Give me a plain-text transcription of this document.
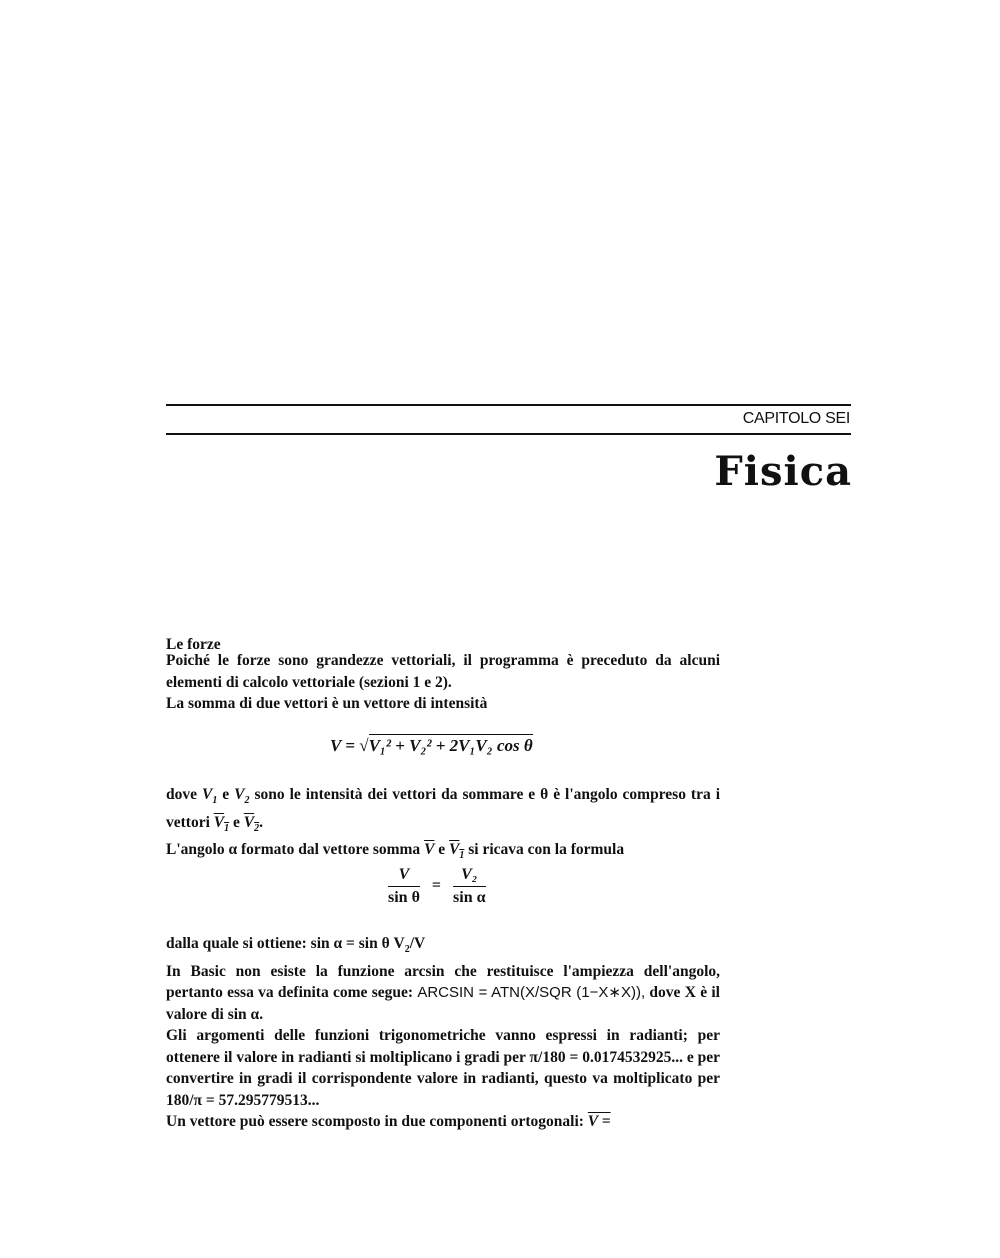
CAPITOLO SEI
Fisica
Le forze

Poiché le forze sono grandezze vettoriali, il programma è preceduto da alcuni elementi di calcolo vettoriale (sezioni 1 e 2).

La somma di due vettori è un vettore di intensità

V = √V₁² + V₂² + 2V₁V₂ cos θ

dove $V_1$ e $V_2$ sono le intensità dei vettori da sommare e θ è l'angolo compreso tra i vettori $V_1$ e $V_2$.

L'angolo α formato dal vettore somma $\overline{V}$ e $V_1$ si ricava con la formula

$\frac{V}{\text{sin θ}} = \frac{\text{V₂}}{\text{sin α}}$

dalla quale si ottiene: sin α = sin θ $V_2/V$

In Basic non esiste la funzione arcsin che restituisce l'ampiezza dell'angolo, pertanto essa va definita come segue: ARCSIN = ATN(X/SQR (1−X∗X)), dove X è il valore di sin α.

Gli argomenti delle funzioni trigonometriche vanno espressi in radianti; per ottenere il valore in radianti si moltiplicano i gradi per π/180 = 0.0174532925... e per convertire in gradi il corrispondente valore in radianti, questo va moltiplicato per 180/π = 57.295779513...

Un vettore può essere scomposto in due componenti ortogonali: V =
